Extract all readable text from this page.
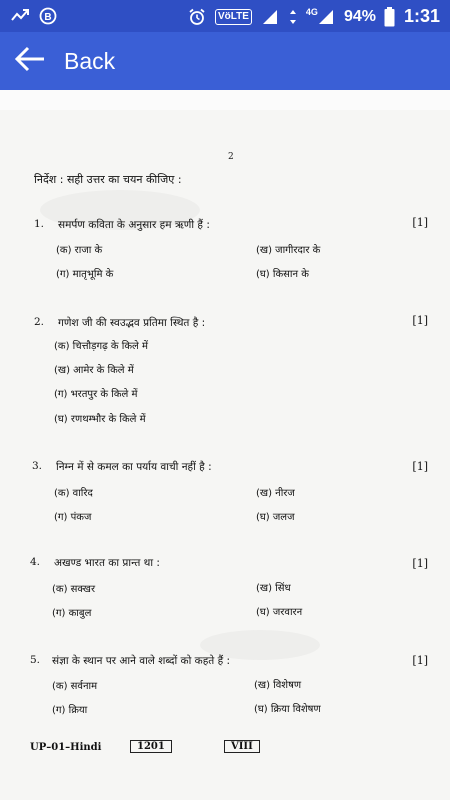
B	VöLTE	4G 94% 1:31
Back
2
निर्देश : सही उत्तर का चयन कीजिए :
1. समर्पण कविता के अनुसार हम ऋणी हैं :	[1]
(क) राजा के	(ख) जागीरदार के
(ग) मातृभूमि के	(घ) किसान के
2. गणेश जी की स्वउद्भव प्रतिमा स्थित है :	[1]
(क) चित्तौड़गढ़ के किले में
(ख) आमेर के किले में
(ग) भरतपुर के किले में
(घ) रणथम्भौर के किले में
3. निम्न में से कमल का पर्याय वाची नहीं है :	[1]
(क) वारिद	(ख) नीरज
(ग) पंकज	(घ) जलज
4. अखण्ड भारत का प्रान्त था :	[1]
(क) सक्खर	(ख) सिंध
(ग) काबुल	(घ) जरवारन
5. संज्ञा के स्थान पर आने वाले शब्दों को कहते हैं :	[1]
(क) सर्वनाम	(ख) विशेषण
(ग) क्रिया	(घ) क्रिया विशेषण
UP–01–Hindi	1201	VIII
